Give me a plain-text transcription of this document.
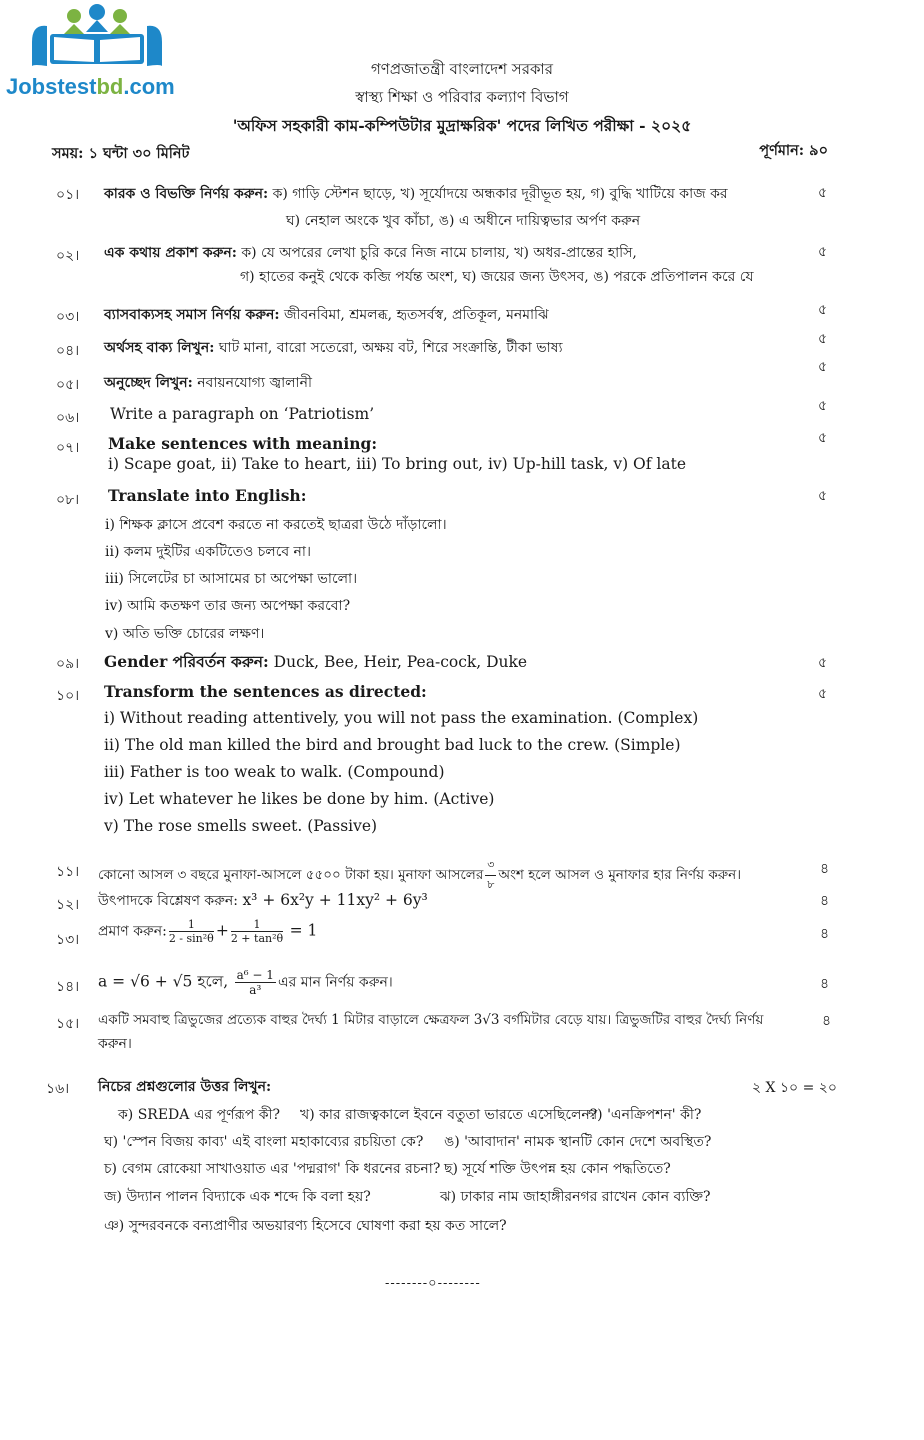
Jobstestbd.com
গণপ্রজাতন্ত্রী বাংলাদেশ সরকার
স্বাস্থ্য শিক্ষা ও পরিবার কল্যাণ বিভাগ
'অফিস সহকারী কাম-কম্পিউটার মুদ্রাক্ষরিক' পদের লিখিত পরীক্ষা - ২০২৫
সময়: ১ ঘন্টা ৩০ মিনিট	পূর্ণমান: ৯০
০১। কারক ও বিভক্তি নির্ণয় করুন: ক) গাড়ি স্টেশন ছাড়ে, খ) সূর্যোদয়ে অন্ধকার দূরীভূত হয়, গ) বুদ্ধি খাটিয়ে কাজ কর
ঘ) নেহাল অংকে খুব কাঁচা, ঙ) এ অধীনে দায়িত্বভার অর্পণ করুন
৫
০২। এক কথায় প্রকাশ করুন: ক) যে অপরের লেখা চুরি করে নিজ নামে চালায়, খ) অধর-প্রান্তের হাসি,
গ) হাতের কনুই থেকে কব্জি পর্যন্ত অংশ, ঘ) জয়ের জন্য উৎসব, ঙ) পরকে প্রতিপালন করে যে
৫
০৩। ব্যাসবাক্যসহ সমাস নির্ণয় করুন: জীবনবিমা, শ্রমলব্ধ, হৃতসর্বস্ব, প্রতিকূল, মনমাঝি	৫
০৪। অর্থসহ বাক্য লিখুন: ঘাট মানা, বারো সতেরো, অক্ষয় বট, শিরে সংক্রান্তি, টীকা ভাষ্য
৫
০৫। অনুচ্ছেদ লিখুন: নবায়নযোগ্য জ্বালানী
৫
০৬। Write a paragraph on ‘Patriotism’	৫
০৭। Make sentences with meaning:
i) Scape goat, ii) Take to heart, iii) To bring out, iv) Up-hill task, v) Of late
৫
০৮। Translate into English:
i) শিক্ষক ক্লাসে প্রবেশ করতে না করতেই ছাত্ররা উঠে দাঁড়ালো।
ii) কলম দুইটির একটিতেও চলবে না।
iii) সিলেটের চা আসামের চা অপেক্ষা ভালো।
iv) আমি কতক্ষণ তার জন্য অপেক্ষা করবো?
v) অতি ভক্তি চোরের লক্ষণ।
৫
০৯। Gender পরিবর্তন করুন: Duck, Bee, Heir, Pea-cock, Duke	৫
১০। Transform the sentences as directed:
i) Without reading attentively, you will not pass the examination. (Complex)
ii) The old man killed the bird and brought bad luck to the crew. (Simple)
iii) Father is too weak to walk. (Compound)
iv) Let whatever he likes be done by him. (Active)
v) The rose smells sweet. (Passive)
৫
১১। কোনো আসল ৩ বছরে মুনাফা-আসলে ৫৫০০ টাকা হয়। মুনাফা আসলের $\frac{৩}{৮}$ অংশ হলে আসল ও মুনাফার হার নির্ণয় করুন।	৪
১২। উৎপাদকে বিশ্লেষণ করুন: x³ + 6x²y + 11xy² + 6y³	৪
১৩।
প্রমাণ করুন: $\frac{1}{\text{2 - sin²θ}} + \frac{1}{\text{2 + tan²θ}} = 1$	৪
১৪। a = √6 + √5 হলে, $\frac{\text{a⁶ − 1}}{\text{a³}}$ এর মান নির্ণয় করুন।	৪
১৫। একটি সমবাহু ত্রিভুজের প্রত্যেক বাহুর দৈর্ঘ্য 1 মিটার বাড়ালে ক্ষেত্রফল 3√3 বর্গমিটার বেড়ে যায়। ত্রিভুজটির বাহুর দৈর্ঘ্য নির্ণয়
করুন।
৪
১৬। নিচের প্রশ্নগুলোর উত্তর লিখুন:	২ X ১০ = ২০
ক) SREDA এর পূর্ণরূপ কী? খ) কার রাজত্বকালে ইবনে বতুতা ভারতে এসেছিলেন?
গ) 'এনক্রিপশন' কী?
ঘ) 'স্পেন বিজয় কাব্য' এই বাংলা মহাকাব্যের রচয়িতা কে? ঙ) 'আবাদান' নামক স্থানটি কোন দেশে অবস্থিত?
চ) বেগম রোকেয়া সাখাওয়াত এর 'পদ্মরাগ' কি ধরনের রচনা? ছ) সূর্যে শক্তি উৎপন্ন হয় কোন পদ্ধতিতে?
জ) উদ্যান পালন বিদ্যাকে এক শব্দে কি বলা হয়?	ঝ) ঢাকার নাম জাহাঙ্গীরনগর রাখেন কোন ব্যক্তি?
ঞ) সুন্দরবনকে বন্যপ্রাণীর অভয়ারণ্য হিসেবে ঘোষণা করা হয় কত সালে?
--------০--------
